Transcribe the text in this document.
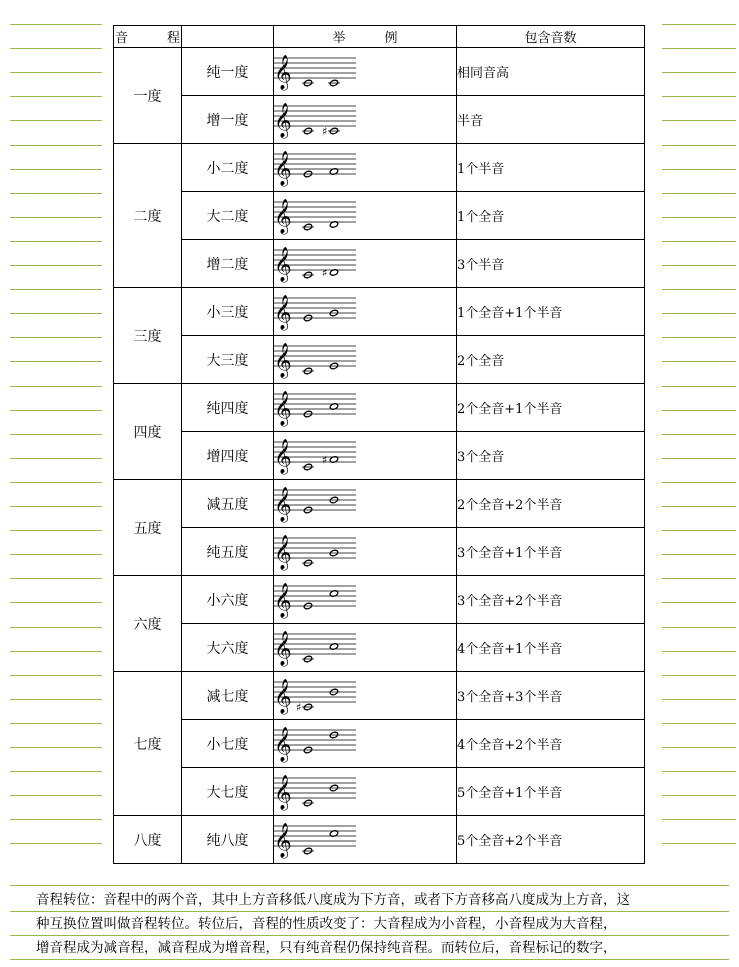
音　　　程		举　　　例	包含音数
一度	纯一度	𝄞	相同音高
	增一度	𝄞 ♯	半音
二度	小二度	𝄞	1个半音
	大二度	𝄞	1个全音
	增二度	𝄞 ♯	3个半音
三度	小三度	𝄞	1个全音+1个半音
	大三度	𝄞	2个全音
四度	纯四度	𝄞	2个全音+1个半音
	增四度	𝄞 ♯	3个全音
五度	减五度	𝄞	2个全音+2个半音
	纯五度	𝄞	3个全音+1个半音
六度	小六度	𝄞	3个全音+2个半音
	大六度	𝄞	4个全音+1个半音
七度	减七度	𝄞 ♯	3个全音+3个半音
	小七度	𝄞	4个全音+2个半音
	大七度	𝄞	5个全音+1个半音
八度	纯八度	𝄞	5个全音+2个半音

音程转位：音程中的两个音，其中上方音移低八度成为下方音，或者下方音移高八度成为上方音，这

种互换位置叫做音程转位。转位后，音程的性质改变了：大音程成为小音程，小音程成为大音程，

增音程成为减音程，减音程成为增音程，只有纯音程仍保持纯音程。而转位后，音程标记的数字，
